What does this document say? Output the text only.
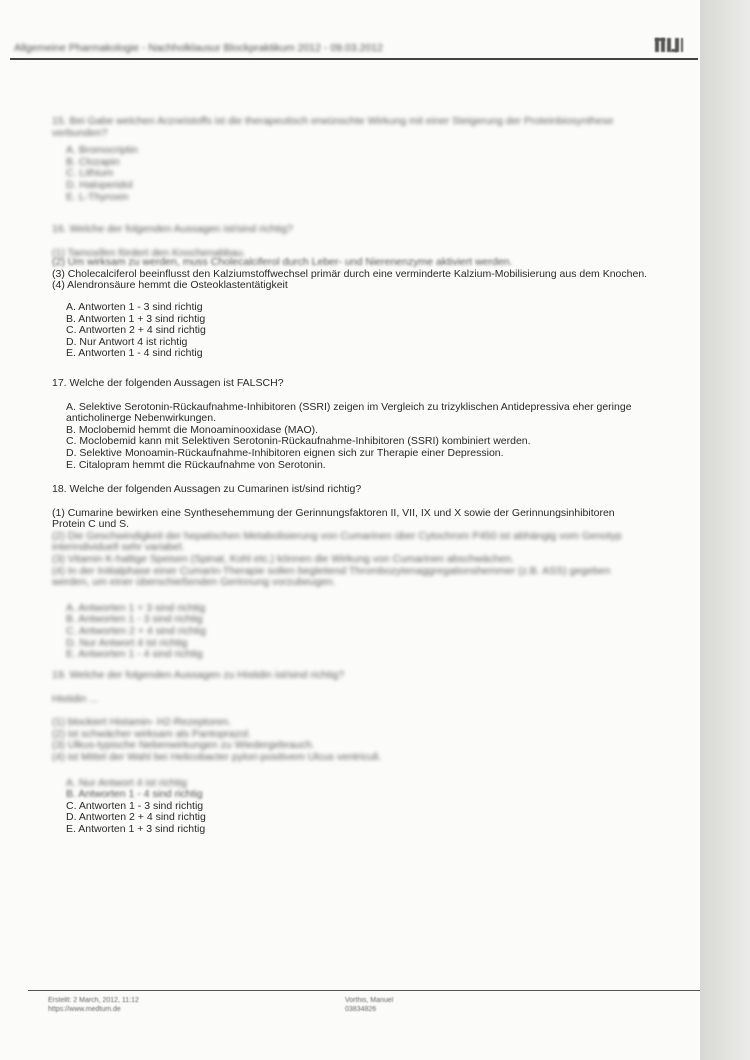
Allgemeine Pharmakologie - Nachholklausur Blockpraktikum 2012 - 09.03.2012
15. Bei Gabe welchen Arzneistoffs ist die therapeutisch erwünschte Wirkung mit einer Steigerung der Proteinbiosynthese verbunden?
A. Bromocriptin
B. Clozapin
C. Lithium
D. Haloperidol
E. L-Thyroxin
16. Welche der folgenden Aussagen ist/sind richtig?
(1) Tamoxifen fördert den Knochenabbau.
(2) Um wirksam zu werden, muss Cholecalciferol durch Leber- und Nierenenzyme aktiviert werden.
(3) Cholecalciferol beeinflusst den Kalziumstoffwechsel primär durch eine verminderte Kalzium-Mobilisierung aus dem Knochen.
(4) Alendronsäure hemmt die Osteoklastentätigkeit
A. Antworten 1 - 3 sind richtig
B. Antworten 1 + 3 sind richtig
C. Antworten 2 + 4 sind richtig
D. Nur Antwort 4 ist richtig
E. Antworten 1 - 4 sind richtig
17. Welche der folgenden Aussagen ist FALSCH?
A. Selektive Serotonin-Rückaufnahme-Inhibitoren (SSRI) zeigen im Vergleich zu trizyklischen Antidepressiva eher geringe
anticholinerge Nebenwirkungen.
B. Moclobemid hemmt die Monoaminooxidase (MAO).
C. Moclobemid kann mit Selektiven Serotonin-Rückaufnahme-Inhibitoren (SSRI) kombiniert werden.
D. Selektive Monoamin-Rückaufnahme-Inhibitoren eignen sich zur Therapie einer Depression.
E. Citalopram hemmt die Rückaufnahme von Serotonin.
18. Welche der folgenden Aussagen zu Cumarinen ist/sind richtig?
(1) Cumarine bewirken eine Synthesehemmung der Gerinnungsfaktoren II, VII, IX und X sowie der Gerinnungsinhibitoren
Protein C und S.
(2) Die Geschwindigkeit der hepatischen Metabolisierung von Cumarinen über Cytochrom P450 ist abhängig vom Genotyp
interindividuell sehr variabel.
(3) Vitamin K-haltige Speisen (Spinat, Kohl etc.) können die Wirkung von Cumarinen abschwächen.
(4) In der Initialphase einer Cumarin-Therapie sollen begleitend Thrombozytenaggregationshemmer (z.B. ASS) gegeben
werden, um einer überschießenden Gerinnung vorzubeugen.
A. Antworten 1 + 3 sind richtig
B. Antworten 1 - 3 sind richtig
C. Antworten 2 + 4 sind richtig
D. Nur Antwort 4 ist richtig
E. Antworten 1 - 4 sind richtig
19. Welche der folgenden Aussagen zu Histidin ist/sind richtig?
Histidin ...
(1) blockiert Histamin- H2-Rezeptoren.
(2) ist schwächer wirksam als Pantoprazol.
(3) Ulkus-typische Nebenwirkungen zu Wiedergebrauch.
(4) ist Mittel der Wahl bei Helicobacter pylori-positivem Ulcus ventriculi.
A. Nur Antwort 4 ist richtig
B. Antworten 1 - 4 sind richtig
C. Antworten 1 - 3 sind richtig
D. Antworten 2 + 4 sind richtig
E. Antworten 1 + 3 sind richtig
Erstellt: 2 March, 2012, 11:12
https://www.medtum.de
Vorthis, Manuel
03834826
